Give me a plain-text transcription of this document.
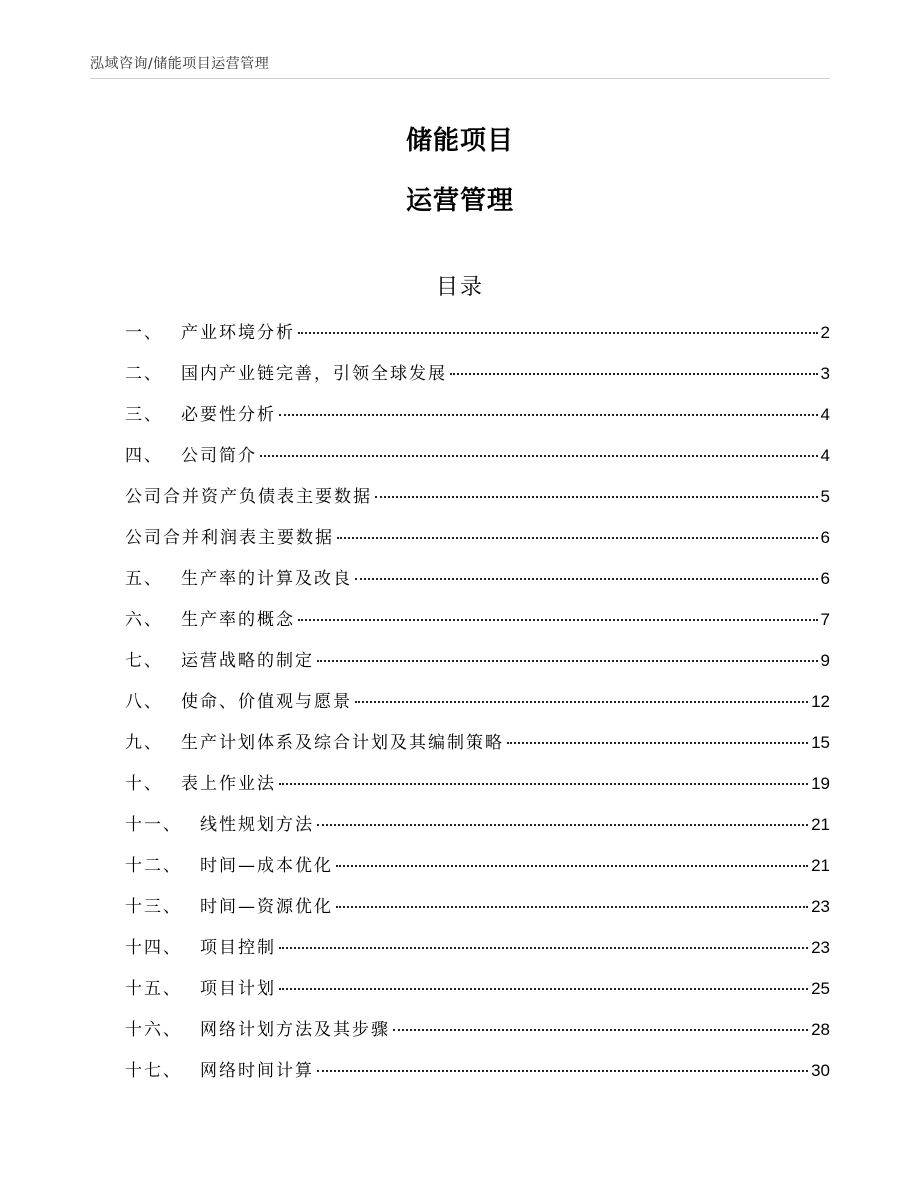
泓域咨询/储能项目运营管理
储能项目
运营管理
目录
一、 产业环境分析	2
二、 国内产业链完善，引领全球发展	3
三、 必要性分析	4
四、 公司简介	4
公司合并资产负债表主要数据	5
公司合并利润表主要数据	6
五、 生产率的计算及改良	6
六、 生产率的概念	7
七、 运营战略的制定	9
八、 使命、价值观与愿景	12
九、 生产计划体系及综合计划及其编制策略	15
十、 表上作业法	19
十一、 线性规划方法	21
十二、 时间—成本优化	21
十三、 时间—资源优化	23
十四、 项目控制	23
十五、 项目计划	25
十六、 网络计划方法及其步骤	28
十七、 网络时间计算	30
